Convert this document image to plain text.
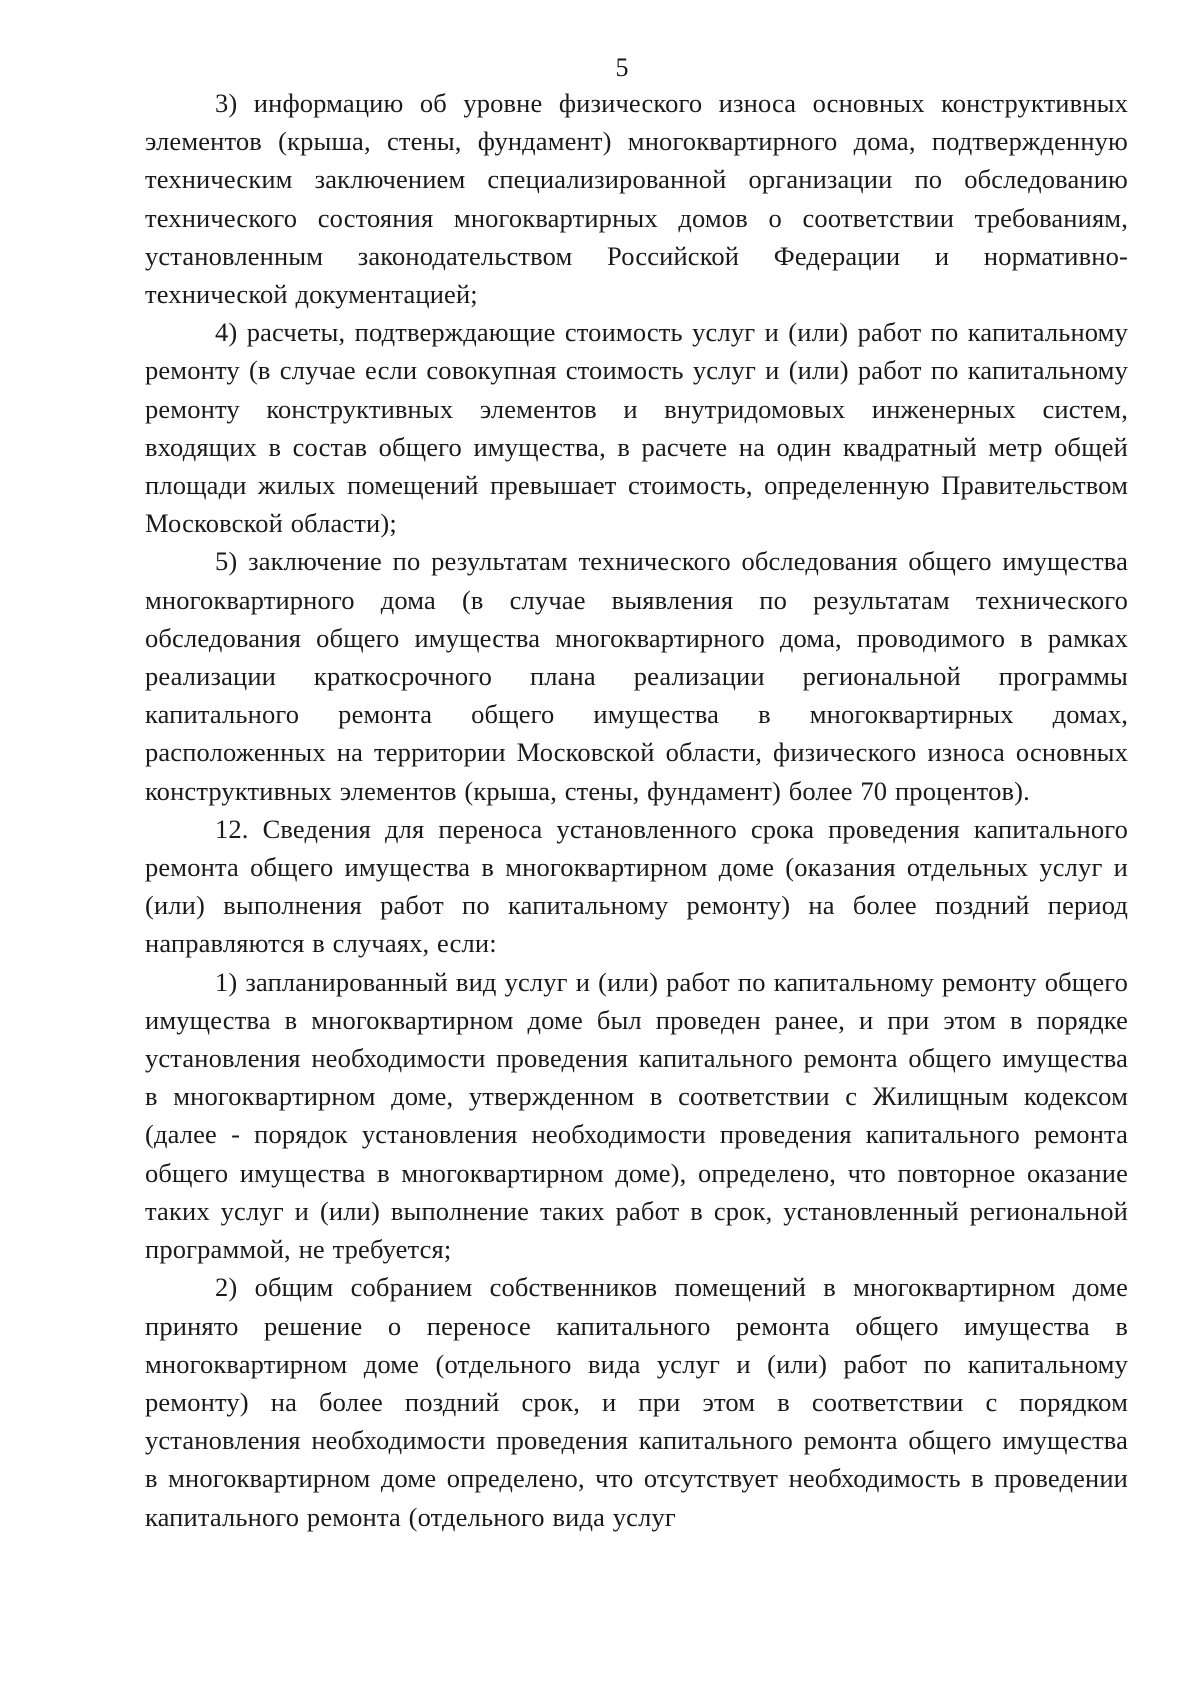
5

3) информацию об уровне физического износа основных конструктивных элементов (крыша, стены, фундамент) многоквартирного дома, подтвержденную техническим заключением специализированной организации по обследованию технического состояния многоквартирных домов о соответствии требованиям, установленным законодательством Российской Федерации и нормативно-технической документацией;

4) расчеты, подтверждающие стоимость услуг и (или) работ по капитальному ремонту (в случае если совокупная стоимость услуг и (или) работ по капитальному ремонту конструктивных элементов и внутридомовых инженерных систем, входящих в состав общего имущества, в расчете на один квадратный метр общей площади жилых помещений превышает стоимость, определенную Правительством Московской области);

5) заключение по результатам технического обследования общего имущества многоквартирного дома (в случае выявления по результатам технического обследования общего имущества многоквартирного дома, проводимого в рамках реализации краткосрочного плана реализации региональной программы капитального ремонта общего имущества в многоквартирных домах, расположенных на территории Московской области, физического износа основных конструктивных элементов (крыша, стены, фундамент) более 70 процентов).

12. Сведения для переноса установленного срока проведения капитального ремонта общего имущества в многоквартирном доме (оказания отдельных услуг и (или) выполнения работ по капитальному ремонту) на более поздний период направляются в случаях, если:

1) запланированный вид услуг и (или) работ по капитальному ремонту общего имущества в многоквартирном доме был проведен ранее, и при этом в порядке установления необходимости проведения капитального ремонта общего имущества в многоквартирном доме, утвержденном в соответствии с Жилищным кодексом (далее - порядок установления необходимости проведения капитального ремонта общего имущества в многоквартирном доме), определено, что повторное оказание таких услуг и (или) выполнение таких работ в срок, установленный региональной программой, не требуется;

2) общим собранием собственников помещений в многоквартирном доме принято решение о переносе капитального ремонта общего имущества в многоквартирном доме (отдельного вида услуг и (или) работ по капитальному ремонту) на более поздний срок, и при этом в соответствии с порядком установления необходимости проведения капитального ремонта общего имущества в многоквартирном доме определено, что отсутствует необходимость в проведении капитального ремонта (отдельного вида услуг
